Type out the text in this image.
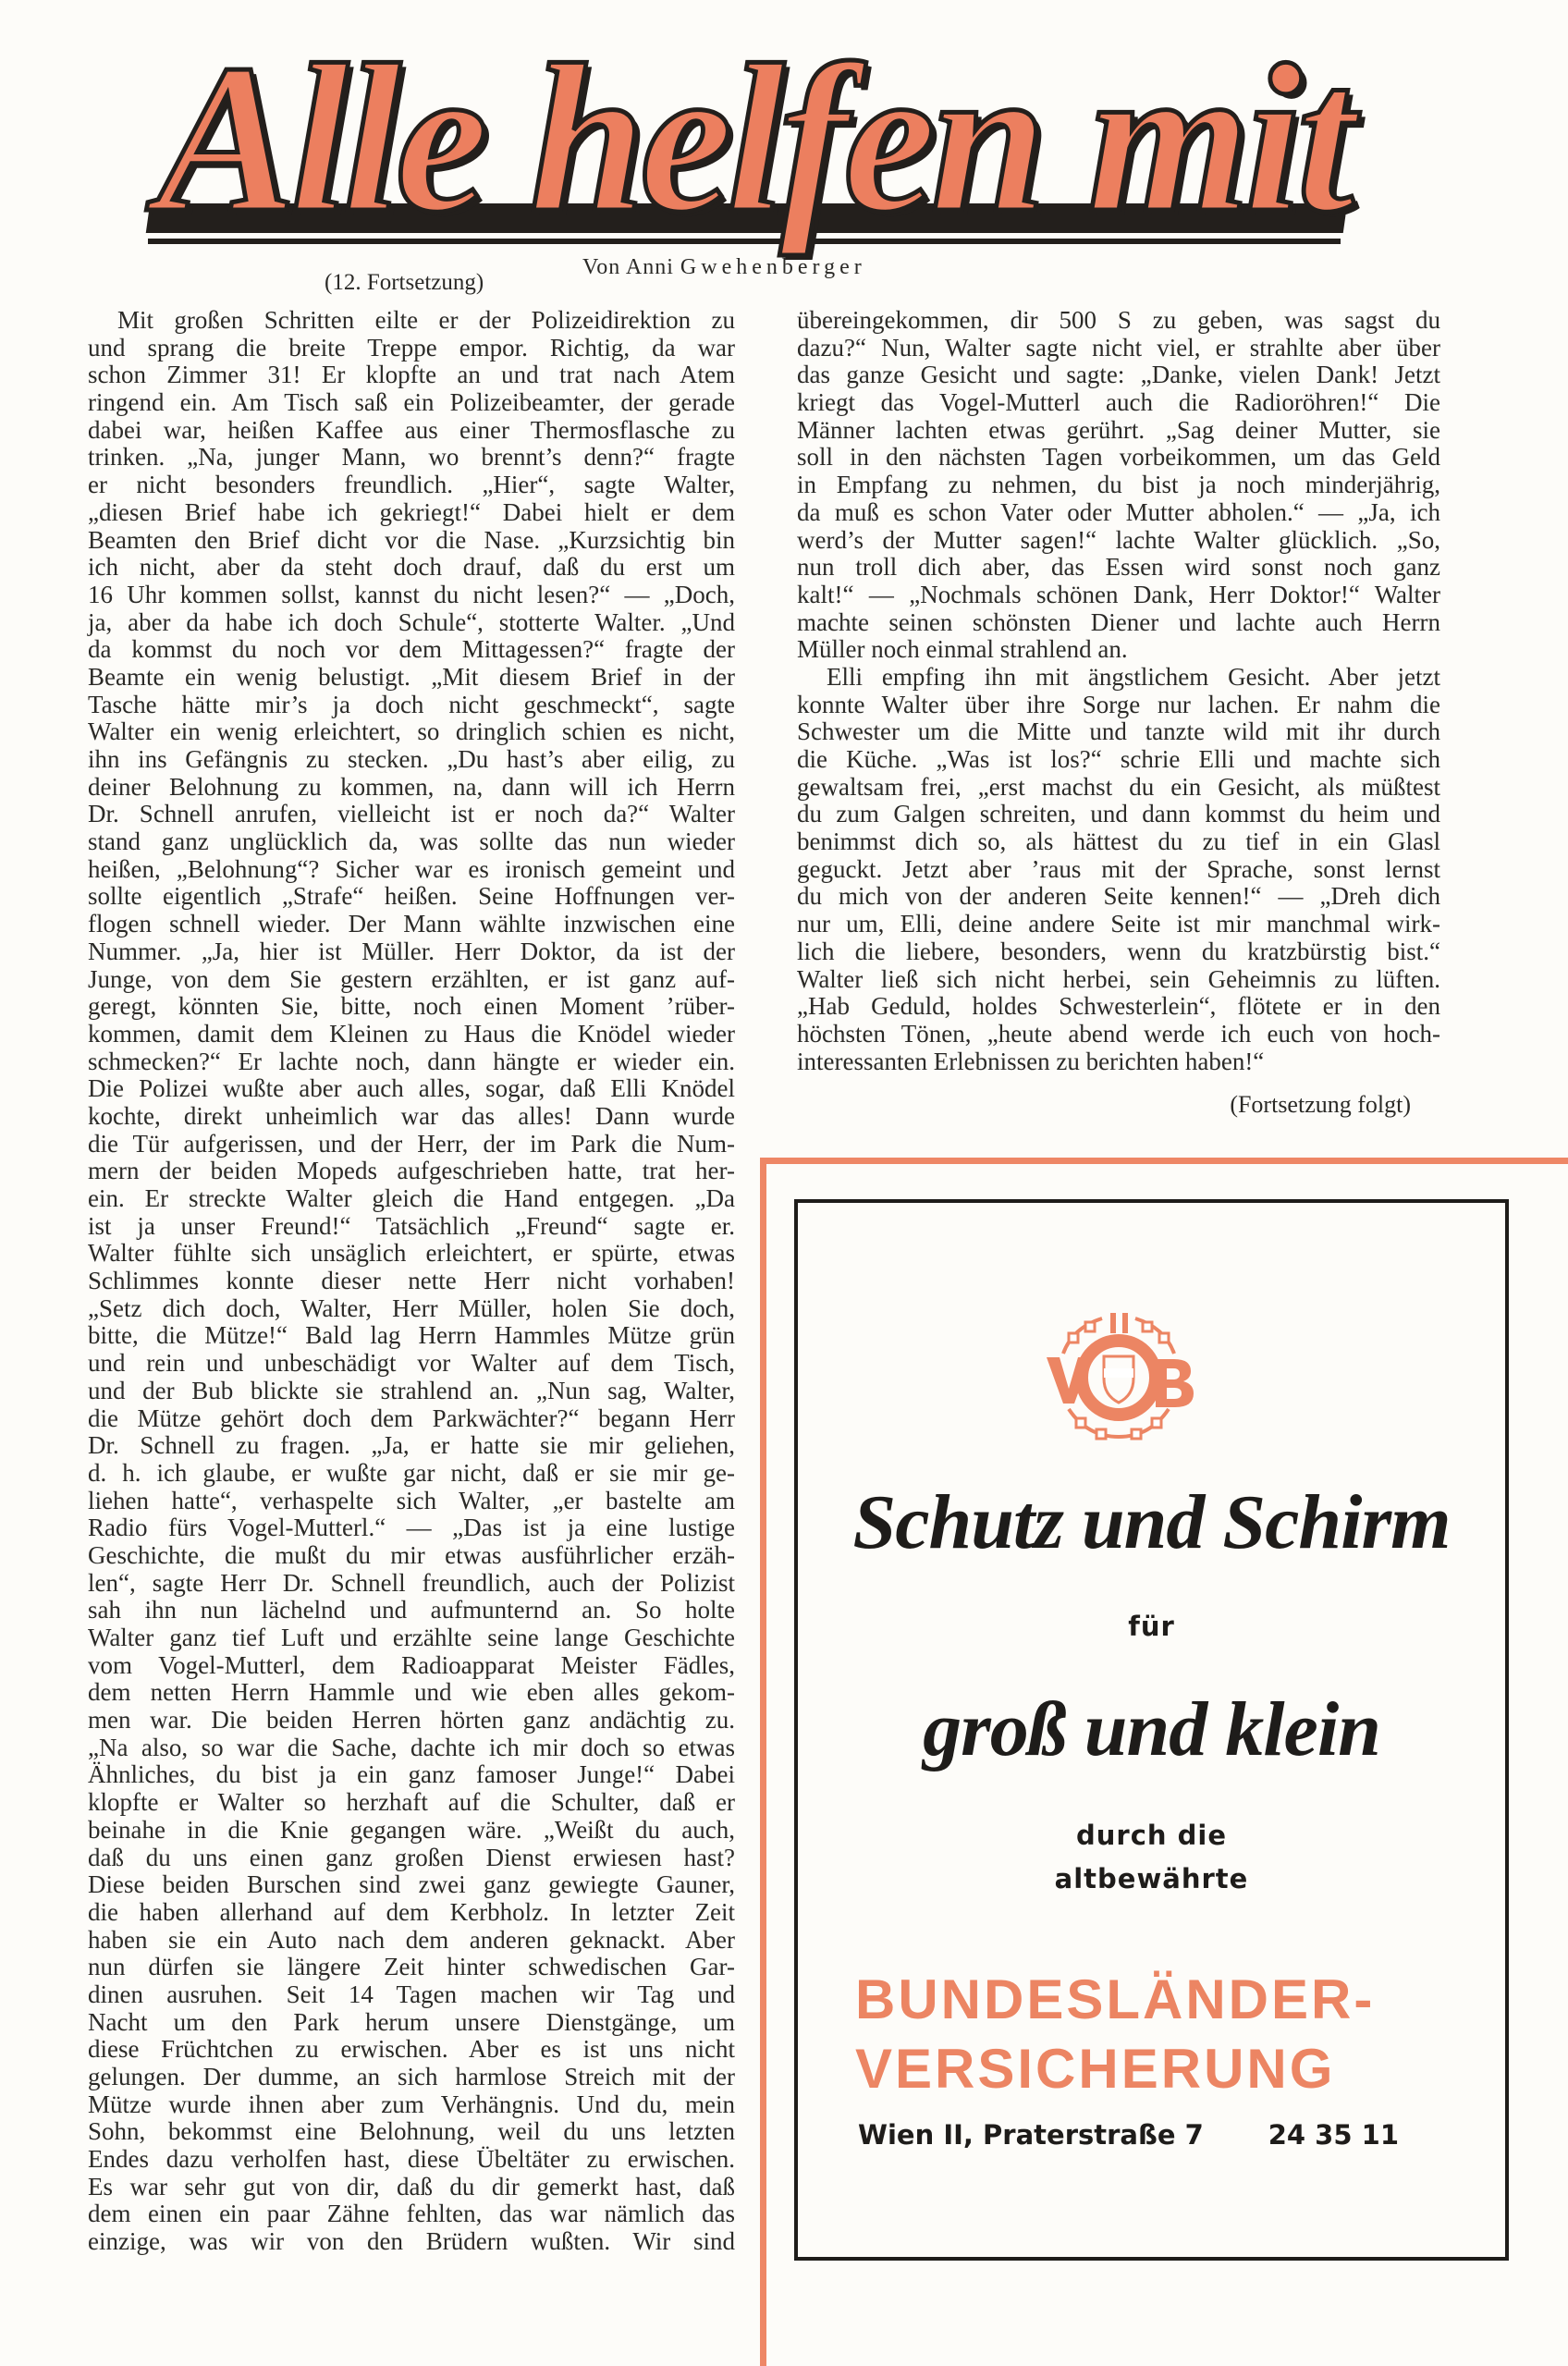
Alle helfen mit
Von Anni Gwehenberger
(12. Fortsetzung)
Mit großen Schritten eilte er der Polizeidirektion zu
und sprang die breite Treppe empor. Richtig, da war
schon Zimmer 31! Er klopfte an und trat nach Atem
ringend ein. Am Tisch saß ein Polizeibeamter, der gerade
dabei war, heißen Kaffee aus einer Thermosflasche zu
trinken. „Na, junger Mann, wo brennt’s denn?“ fragte
er nicht besonders freundlich. „Hier“, sagte Walter,
„diesen Brief habe ich gekriegt!“ Dabei hielt er dem
Beamten den Brief dicht vor die Nase. „Kurzsichtig bin
ich nicht, aber da steht doch drauf, daß du erst um
16 Uhr kommen sollst, kannst du nicht lesen?“ — „Doch,
ja, aber da habe ich doch Schule“, stotterte Walter. „Und
da kommst du noch vor dem Mittagessen?“ fragte der
Beamte ein wenig belustigt. „Mit diesem Brief in der
Tasche hätte mir’s ja doch nicht geschmeckt“, sagte
Walter ein wenig erleichtert, so dringlich schien es nicht,
ihn ins Gefängnis zu stecken. „Du hast’s aber eilig, zu
deiner Belohnung zu kommen, na, dann will ich Herrn
Dr. Schnell anrufen, vielleicht ist er noch da?“ Walter
stand ganz unglücklich da, was sollte das nun wieder
heißen, „Belohnung“? Sicher war es ironisch gemeint und
sollte eigentlich „Strafe“ heißen. Seine Hoffnungen ver-
flogen schnell wieder. Der Mann wählte inzwischen eine
Nummer. „Ja, hier ist Müller. Herr Doktor, da ist der
Junge, von dem Sie gestern erzählten, er ist ganz auf-
geregt, könnten Sie, bitte, noch einen Moment ’rüber-
kommen, damit dem Kleinen zu Haus die Knödel wieder
schmecken?“ Er lachte noch, dann hängte er wieder ein.
Die Polizei wußte aber auch alles, sogar, daß Elli Knödel
kochte, direkt unheimlich war das alles! Dann wurde
die Tür aufgerissen, und der Herr, der im Park die Num-
mern der beiden Mopeds aufgeschrieben hatte, trat her-
ein. Er streckte Walter gleich die Hand entgegen. „Da
ist ja unser Freund!“ Tatsächlich „Freund“ sagte er.
Walter fühlte sich unsäglich erleichtert, er spürte, etwas
Schlimmes konnte dieser nette Herr nicht vorhaben!
„Setz dich doch, Walter, Herr Müller, holen Sie doch,
bitte, die Mütze!“ Bald lag Herrn Hammles Mütze grün
und rein und unbeschädigt vor Walter auf dem Tisch,
und der Bub blickte sie strahlend an. „Nun sag, Walter,
die Mütze gehört doch dem Parkwächter?“ begann Herr
Dr. Schnell zu fragen. „Ja, er hatte sie mir geliehen,
d. h. ich glaube, er wußte gar nicht, daß er sie mir ge-
liehen hatte“, verhaspelte sich Walter, „er bastelte am
Radio fürs Vogel-Mutterl.“ — „Das ist ja eine lustige
Geschichte, die mußt du mir etwas ausführlicher erzäh-
len“, sagte Herr Dr. Schnell freundlich, auch der Polizist
sah ihn nun lächelnd und aufmunternd an. So holte
Walter ganz tief Luft und erzählte seine lange Geschichte
vom Vogel-Mutterl, dem Radioapparat Meister Fädles,
dem netten Herrn Hammle und wie eben alles gekom-
men war. Die beiden Herren hörten ganz andächtig zu.
„Na also, so war die Sache, dachte ich mir doch so etwas
Ähnliches, du bist ja ein ganz famoser Junge!“ Dabei
klopfte er Walter so herzhaft auf die Schulter, daß er
beinahe in die Knie gegangen wäre. „Weißt du auch,
daß du uns einen ganz großen Dienst erwiesen hast?
Diese beiden Burschen sind zwei ganz gewiegte Gauner,
die haben allerhand auf dem Kerbholz. In letzter Zeit
haben sie ein Auto nach dem anderen geknackt. Aber
nun dürfen sie längere Zeit hinter schwedischen Gar-
dinen ausruhen. Seit 14 Tagen machen wir Tag und
Nacht um den Park herum unsere Dienstgänge, um
diese Früchtchen zu erwischen. Aber es ist uns nicht
gelungen. Der dumme, an sich harmlose Streich mit der
Mütze wurde ihnen aber zum Verhängnis. Und du, mein
Sohn, bekommst eine Belohnung, weil du uns letzten
Endes dazu verholfen hast, diese Übeltäter zu erwischen.
Es war sehr gut von dir, daß du dir gemerkt hast, daß
dem einen ein paar Zähne fehlten, das war nämlich das
einzige, was wir von den Brüdern wußten. Wir sind
übereingekommen, dir 500 S zu geben, was sagst du
dazu?“ Nun, Walter sagte nicht viel, er strahlte aber über
das ganze Gesicht und sagte: „Danke, vielen Dank! Jetzt
kriegt das Vogel-Mutterl auch die Radioröhren!“ Die
Männer lachten etwas gerührt. „Sag deiner Mutter, sie
soll in den nächsten Tagen vorbeikommen, um das Geld
in Empfang zu nehmen, du bist ja noch minderjährig,
da muß es schon Vater oder Mutter abholen.“ — „Ja, ich
werd’s der Mutter sagen!“ lachte Walter glücklich. „So,
nun troll dich aber, das Essen wird sonst noch ganz
kalt!“ — „Nochmals schönen Dank, Herr Doktor!“ Walter
machte seinen schönsten Diener und lachte auch Herrn
Müller noch einmal strahlend an.
Elli empfing ihn mit ängstlichem Gesicht. Aber jetzt
konnte Walter über ihre Sorge nur lachen. Er nahm die
Schwester um die Mitte und tanzte wild mit ihr durch
die Küche. „Was ist los?“ schrie Elli und machte sich
gewaltsam frei, „erst machst du ein Gesicht, als müßtest
du zum Galgen schreiten, und dann kommst du heim und
benimmst dich so, als hättest du zu tief in ein Glasl
geguckt. Jetzt aber ’raus mit der Sprache, sonst lernst
du mich von der anderen Seite kennen!“ — „Dreh dich
nur um, Elli, deine andere Seite ist mir manchmal wirk-
lich die liebere, besonders, wenn du kratzbürstig bist.“
Walter ließ sich nicht herbei, sein Geheimnis zu lüften.
„Hab Geduld, holdes Schwesterlein“, flötete er in den
höchsten Tönen, „heute abend werde ich euch von hoch-
interessanten Erlebnissen zu berichten haben!“
(Fortsetzung folgt)
Schutz und Schirm
für
groß und klein
durch die
altbewährte
BUNDESLÄNDER-
VERSICHERUNG
Wien II, Praterstraße 7 24 35 11
